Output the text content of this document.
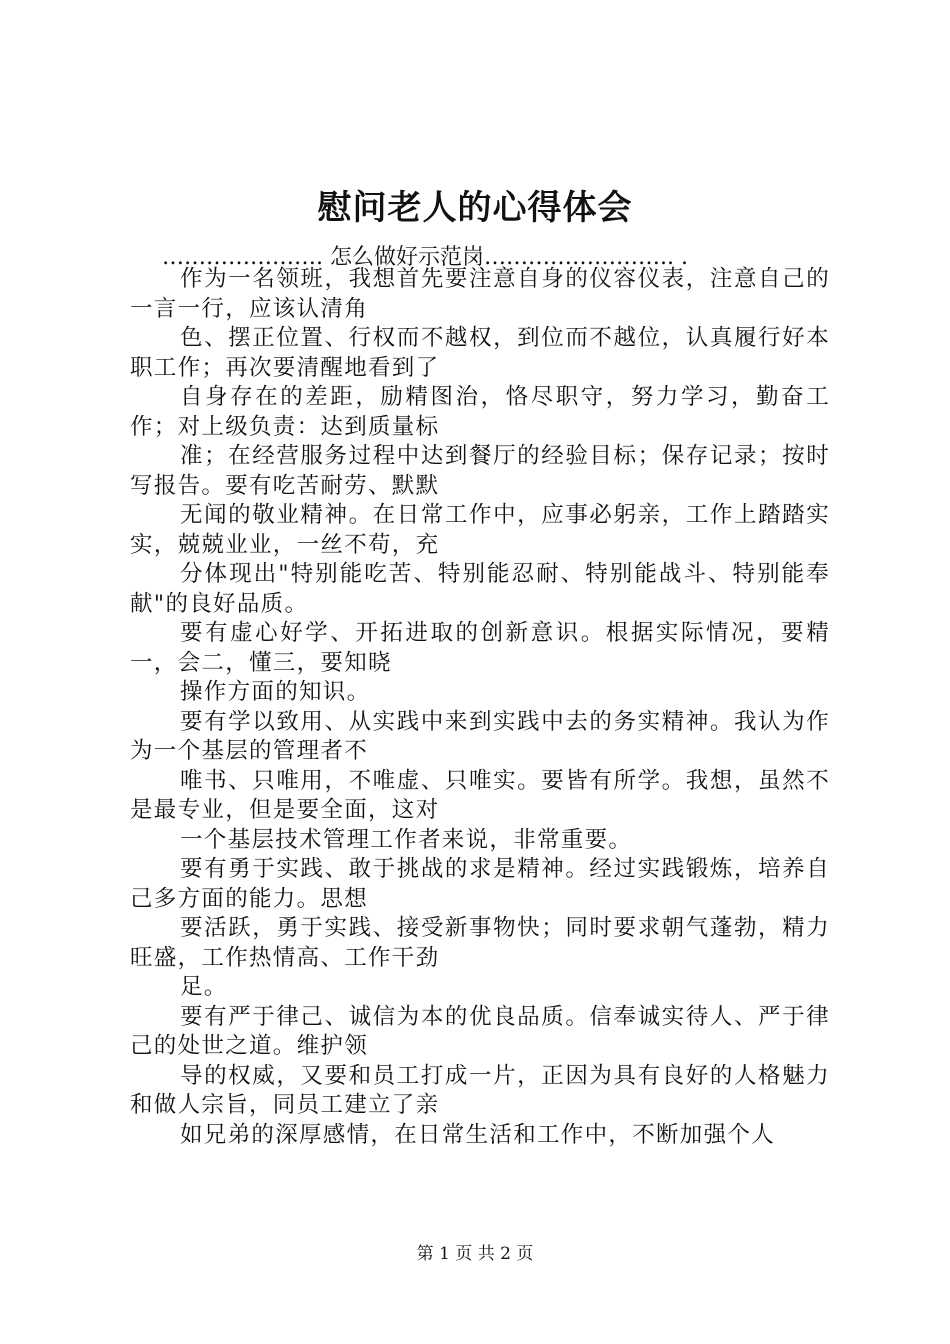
慰问老人的心得体会
…………………. 怎么做好示范岗…………………….. .

作为一名领班，我想首先要注意自身的仪容仪表，注意自己的一言一行，应该认清角

色、摆正位置、行权而不越权，到位而不越位，认真履行好本职工作；再次要清醒地看到了

自身存在的差距，励精图治，恪尽职守，努力学习，勤奋工作；对上级负责：达到质量标

准；在经营服务过程中达到餐厅的经验目标；保存记录；按时写报告。要有吃苦耐劳、默默

无闻的敬业精神。在日常工作中，应事必躬亲，工作上踏踏实实，兢兢业业，一丝不苟，充

分体现出"特别能吃苦、特别能忍耐、特别能战斗、特别能奉献"的良好品质。

要有虚心好学、开拓进取的创新意识。根据实际情况，要精一，会二，懂三，要知晓

操作方面的知识。

要有学以致用、从实践中来到实践中去的务实精神。我认为作为一个基层的管理者不

唯书、只唯用，不唯虚、只唯实。要皆有所学。我想，虽然不是最专业，但是要全面，这对

一个基层技术管理工作者来说，非常重要。

要有勇于实践、敢于挑战的求是精神。经过实践锻炼，培养自己多方面的能力。思想

要活跃，勇于实践、接受新事物快；同时要求朝气蓬勃，精力旺盛，工作热情高、工作干劲

足。

要有严于律己、诚信为本的优良品质。信奉诚实待人、严于律己的处世之道。维护领

导的权威，又要和员工打成一片，正因为具有良好的人格魅力和做人宗旨，同员工建立了亲

如兄弟的深厚感情，在日常生活和工作中，不断加强个人

第 1 页 共 2 页
